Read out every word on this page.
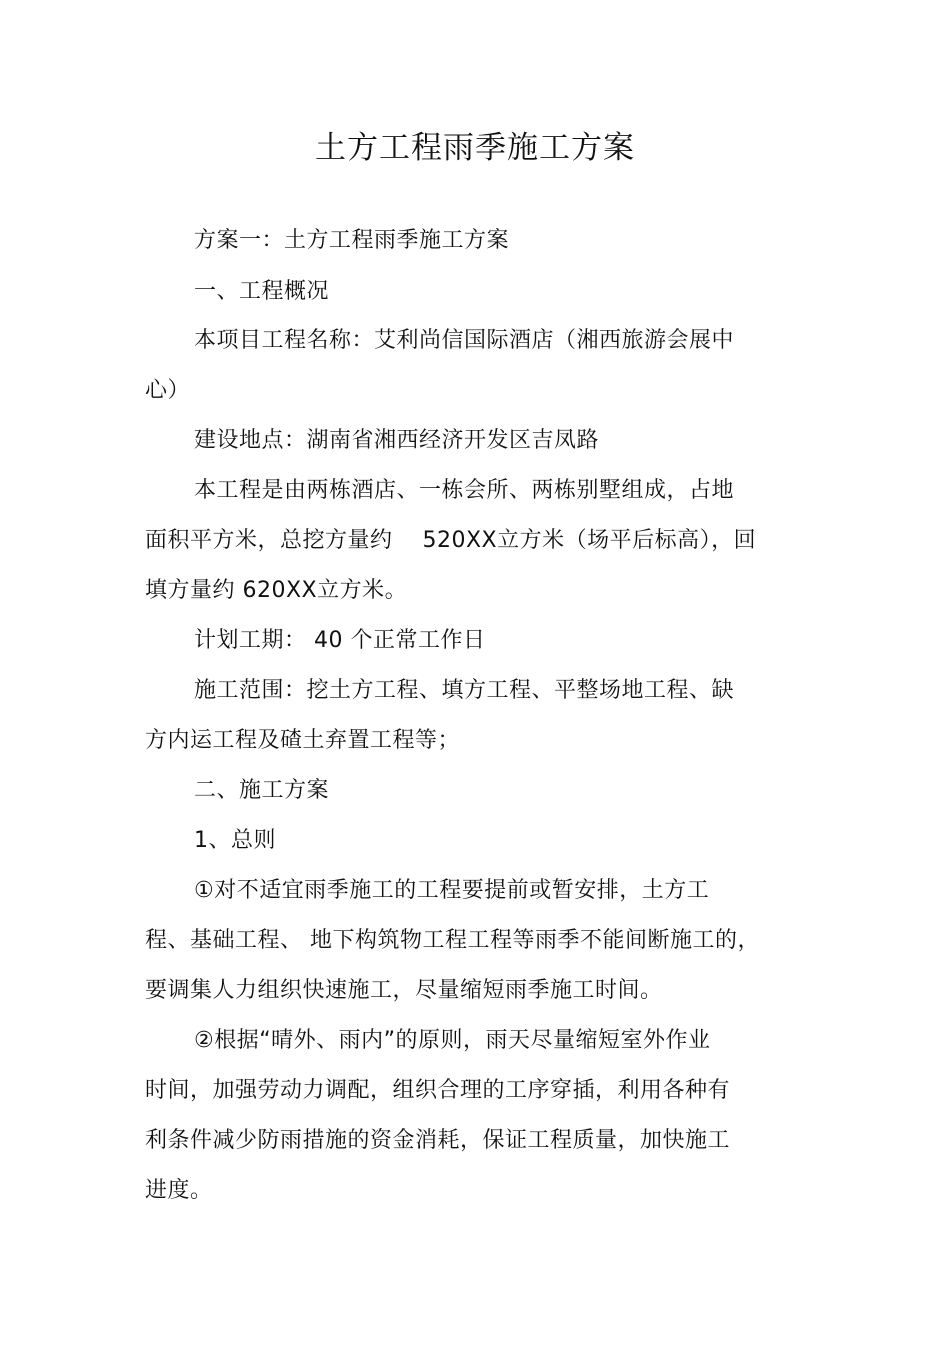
土方工程雨季施工方案
方案一：土方工程雨季施工方案
一、工程概况
本项目工程名称：艾利尚信国际酒店（湘西旅游会展中
心）
建设地点：湖南省湘西经济开发区吉凤路
本工程是由两栋酒店、一栋会所、两栋别墅组成，占地
面积平方米，总挖方量约　 520XX立方米（场平后标高），回
填方量约 620XX立方米。
计划工期： 40 个正常工作日
施工范围：挖土方工程、填方工程、平整场地工程、缺
方内运工程及碴土弃置工程等；
二、施工方案
1、总则
①对不适宜雨季施工的工程要提前或暂安排，土方工
程、基础工程、 地下构筑物工程工程等雨季不能间断施工的，
要调集人力组织快速施工，尽量缩短雨季施工时间。
②根据“晴外、雨内”的原则，雨天尽量缩短室外作业
时间，加强劳动力调配，组织合理的工序穿插，利用各种有
利条件减少防雨措施的资金消耗，保证工程质量，加快施工
进度。
